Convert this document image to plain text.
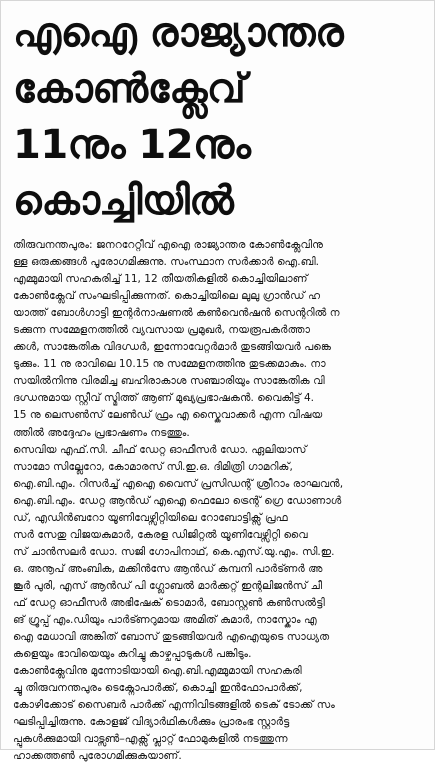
എഐ രാജ്യാന്തര
കോൺക്ലേവ്
11നും 12നും
കൊച്ചിയിൽ
തിരുവനന്തപുരം: ജനററേറ്റീവ് എഐ രാജ്യാന്തര കോൺക്ലേവിനു
ള്ള ഒരുക്കങ്ങൾ പൂരോഗമിക്കുന്നു. സംസ്ഥാന സർക്കാർ ഐ.ബി.
എമ്മുമായി സഹകരിച്ച് 11, 12 തീയതികളിൽ കൊച്ചിയിലാണ്
കോൺക്ലേവ് സംഘടിപ്പിക്കുന്നത്. കൊച്ചിയിലെ ലുലു ഗ്രാൻഡ് ഹ
യാത്ത് ബോൾഗാട്ടി ഇന്റർനാഷണൽ കൺവെൻഷൻ സെന്ററിൽ ന
ടക്കുന്ന സമ്മേളനത്തിൽ വ്യവസായ പ്രമുഖർ, നയരൂപകർത്താ
ക്കൾ, സാങ്കേതിക വിദഗ്ധർ, ഇന്നോവേറ്റർമാർ തുടങ്ങിയവർ പങ്കെ
ടുക്കും. 11 നു രാവിലെ 10.15 നു സമ്മേളനത്തിനു തുടക്കമാകും. നാ
സയിൽനിന്നു വിരമിച്ച ബഹിരാകാശ സഞ്ചാരിയും സാങ്കേതിക വി
ദഗ്ധനുമായ സ്റ്റീവ് സ്മിത്ത് ആണ് മുഖ്യപ്രഭാഷകൻ. വൈകിട്ട് 4.
15 നു ലെസൺസ് ലേൺഡ് ഫ്രം എ സ്കൈവാക്കർ എന്ന വിഷയ
ത്തിൽ അദ്ദേഹം പ്രഭാഷണം നടത്തും.
സെവിയ എഫ്.സി. ചീഫ് ഡേറ്റ ഓഫീസർ ഡോ. ഏലിയാസ്
സാമോ സില്ലേറോ, കോമാരസ് സി.ഇ.ഒ. ദിമിത്രി ഗാമറിക്,
ഐ.ബി.എം. റിസർച്ച് എഐ വൈസ് പ്രസിഡന്റ് ശ്രീറാം രാഘവൻ,
ഐ.ബി.എം. ഡേറ്റ ആൻഡ് എഐ ഫെലോ ട്രെന്റ് ഗ്രെ ഡോണാൾ
ഡ്, എഡിൻബറോ യൂണിവേഴ്സിറ്റിയിലെ റോബോട്ടിക്സ് പ്രഫ
സർ സേതു വിജയകുമാർ, കേരള ഡിജിറ്റൽ യൂണിവേഴ്സിറ്റി വൈ
സ് ചാൻസലർ ഡോ. സജി ഗോപിനാഥ്, കെ.എസ്.യു.എം. സി.ഇ.
ഒ. അനൂപ് അംബിക, മക്കിൻസേ ആൻഡ് കമ്പനി പാർട്ണർ അ
ങ്കൂർ പുരി, എസ് ആൻഡ് പി ഗ്ലോബൽ മാർക്കറ്റ് ഇന്റലിജൻസ് ചീ
ഫ് ഡേറ്റ ഓഫീസർ അഭിഷേക് ടൊമാർ, ബോസ്റ്റൺ കൺസൽട്ടി
ങ് ഗ്രൂപ്പ് എം.ഡിയും പാർട്ണറുമായ അമിത് കുമാർ, നാസ്കോം എ
ഐ മേധാവി അങ്കിത് ബോസ് തുടങ്ങിയവർ എഐയുടെ സാധ്യത
കളെയും ഭാവിയെയും കുറിച്ചു കാഴ്ചപ്പാടുകൾ പങ്കിടും.
കോൺക്ലേവിനു മുന്നോടിയായി ഐ.ബി.എമ്മുമായി സഹകരി
ച്ചു തിരുവനന്തപുരം ടെക്നോപാർക്ക്, കൊച്ചി ഇൻഫോപാർക്ക്,
കോഴിക്കോട് സൈബർ പാർക്ക് എന്നിവിടങ്ങളിൽ ടെക് ടോക്ക് സം
ഘടിപ്പിച്ചിരുന്നു. കോളജ് വിദ്യാർഥികൾക്കും പ്രാരംഭ സ്റ്റാർട്ട
പ്പുകൾക്കുമായി വാട്സൺ–എക്സ് പ്ലാറ്റ് ഫോമുകളിൽ നടത്തുന്ന
ഹാക്കത്തൺ പുരോഗമിക്കുകയാണ്.
